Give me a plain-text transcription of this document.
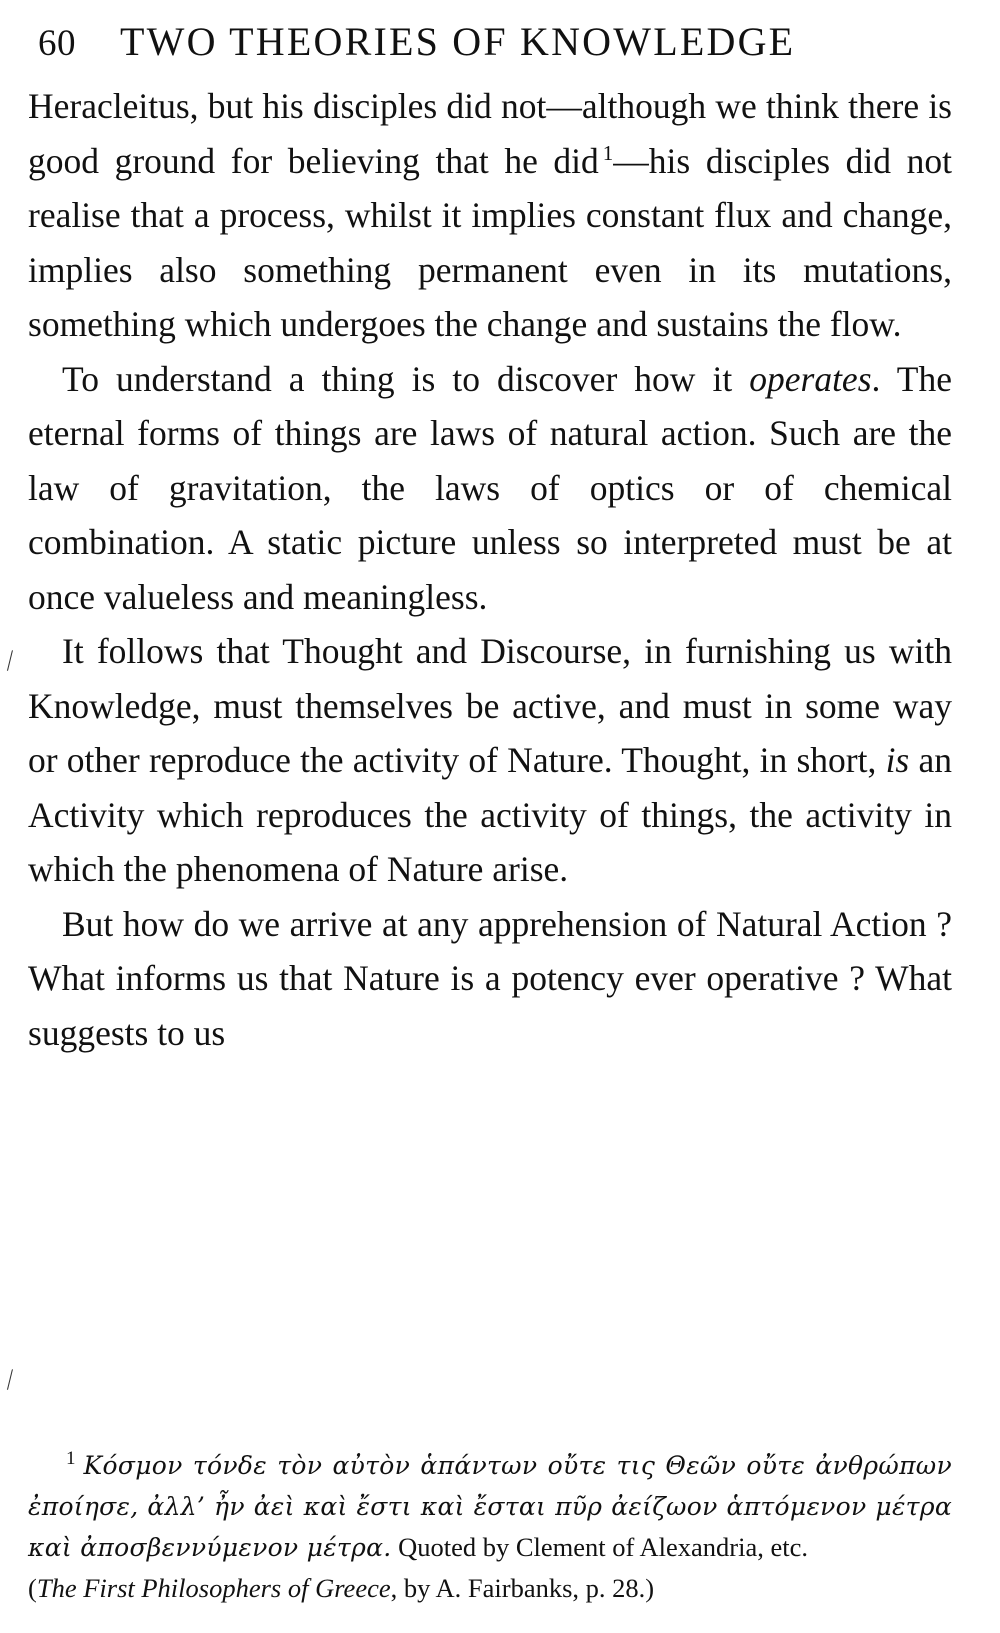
60 TWO THEORIES OF KNOWLEDGE

Heracleitus, but his disciples did not—although we think there is good ground for believing that he did $^1$—his disciples did not realise that a process, whilst it implies constant flux and change, implies also something permanent even in its mutations, something which undergoes the change and sustains the flow.

To understand a thing is to discover how it operates. The eternal forms of things are laws of natural action. Such are the law of gravitation, the laws of optics or of chemical combination. A static picture unless so interpreted must be at once valueless and meaningless.

It follows that Thought and Discourse, in furnishing us with Knowledge, must themselves be active, and must in some way or other reproduce the activity of Nature. Thought, in short, is an Activity which reproduces the activity of things, the activity in which the phenomena of Nature arise.

But how do we arrive at any apprehension of Natural Action ? What informs us that Nature is a potency ever operative ? What suggests to us

⁄
⁄
$^1$ Κόσμον τόνδε τὸν αὐτὸν ἁπάντων οὔτε τις Θεῶν οὔτε ἀνθρώπων ἐποίησε, ἀλλ’ ἦν ἀεὶ καὶ ἔστι καὶ ἔσται πῦρ ἀείζωον ἁπτόμενον μέτρα καὶ ἀποσβεννύμενον μέτρα. Quoted by Clement of Alexandria, etc.
(The First Philosophers of Greece, by A. Fairbanks, p. 28.)
